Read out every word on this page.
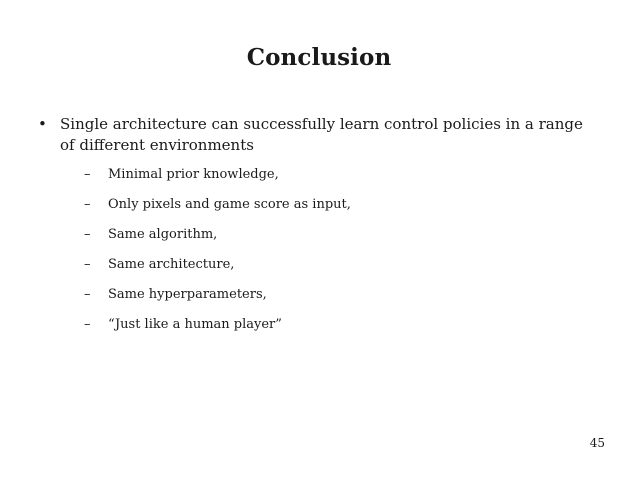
Conclusion
• Single architecture can successfully learn control policies in a range of different environments
– Minimal prior knowledge,
– Only pixels and game score as input,
– Same algorithm,
– Same architecture,
– Same hyperparameters,
– “Just like a human player”
45
